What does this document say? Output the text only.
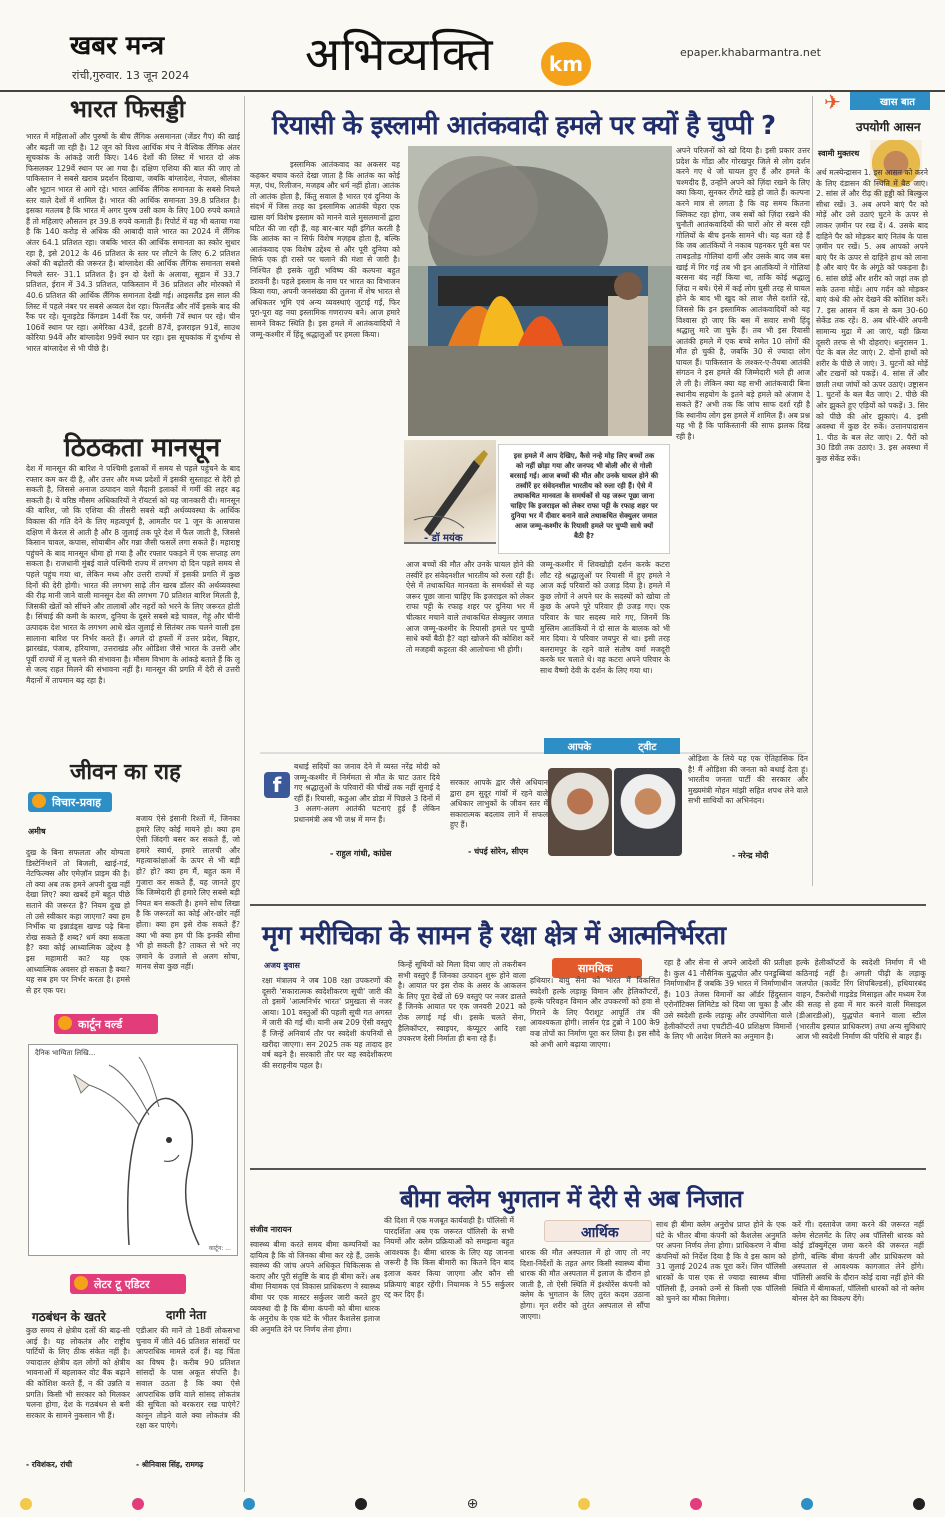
खबर मन्त्र
रांची,गुरुवार. 13 जून 2024	अभिव्यक्ति	km	epaper.khabarmantra.net
भारत फिसड्डी
भारत में महिलाओं और पुरुषों के बीच लैंगिक असमानता (जेंडर गैप) की खाई और बढ़ती जा रही है। 12 जून को विश्व आर्थिक मंच ने वैश्विक लैंगिक अंतर सूचकांक के आंकड़े जारी किए। 146 देशों की लिस्ट में भारत दो अंक फिसलकर 129वें स्थान पर आ गया है। दक्षिण एशिया की बात की जाए तो पाकिस्तान ने सबसे खराब प्रदर्शन दिखाया, जबकि बांग्लादेश, नेपाल, श्रीलंका और भूटान भारत से आगे रहे। भारत आर्थिक लैंगिक समानता के सबसे निचले स्तर वाले देशों में शामिल है। भारत की आर्थिक समानता 39.8 प्रतिशत है। इसका मतलब है कि भारत में अगर पुरुष उसी काम के लिए 100 रुपये कमाते हैं तो महिलाएं औसतन हर 39.8 रुपये कमाती हैं। रिपोर्ट में यह भी बताया गया है कि 140 करोड़ से अधिक की आबादी वाले भारत का 2024 में लैंगिक अंतर 64.1 प्रतिशत रहा। जबकि भारत की आर्थिक समानता का स्कोर सुधार रहा है, इसे 2012 के 46 प्रतिशत के स्तर पर लौटने के लिए 6.2 प्रतिशत अंकों की बढ़ोतरी की जरूरत है। बांग्लादेश की आर्थिक लैंगिक समानता सबसे निचले स्तर- 31.1 प्रतिशत है। इन दो देशों के अलावा, सूडान में 33.7 प्रतिशत, ईरान में 34.3 प्रतिशत, पाकिस्तान में 36 प्रतिशत और मोरक्को में 40.6 प्रतिशत की आर्थिक लैंगिक समानता देखी गई। आइसलैंड इस साल की लिस्ट में पहले नंबर पर सबसे अव्वल देश रहा। फिनलैंड और नॉर्वे इसके बाद की रैंक पर रहे। यूनाइटेड किंगडम 14वीं रैंक पर, जर्मनी 7वें स्थान पर रहे। चीन 106वें स्थान पर रहा। अमेरिका 43वें, इटली 87वें, इजराइल 91वें, साउथ कोरिया 94वें और बांग्लादेश 99वें स्थान पर रहा। इस सूचकांक में दुर्भाग्य से भारत बांग्लादेश से भी पीछे है।
ठिठकता मानसून
देश में मानसून की बारिश ने पश्चिमी इलाकों में समय से पहले पहुंचने के बाद रफ्तार कम कर दी है, और उत्तर और मध्य प्रदेशों में इसकी सुस्ताहट से देरी हो सकती है, जिससे अनाज उत्पादन वाले मैदानी इलाकों में गर्मी की लहर बढ़ सकती है। ये वरिष्ठ मौसम अधिकारियों ने रॉयटर्स को यह जानकारी दी। मानसून की बारिश, जो कि एशिया की तीसरी सबसे बड़ी अर्थव्यवस्था के आर्थिक विकास की गति देने के लिए महत्वपूर्ण है, आमतौर पर 1 जून के आसपास दक्षिण में केरल से आती है और 8 जुलाई तक पूरे देश में फैल जाती है, जिससे किसान चावल, कपास, सोयाबीन और गन्ना जैसी फसलें लगा सकते हैं। महाराष्ट्र पहुंचने के बाद मानसून धीमा हो गया है और रफ्तार पकड़ने में एक सप्ताह लग सकता है। राजधानी मुंबई वाले पश्चिमी राज्य में लगभग दो दिन पहले समय से पहले पहुंच गया था, लेकिन मध्य और उत्तरी राज्यों में इसकी प्रगति में कुछ दिनों की देरी होगी। भारत की लगभग साढ़े तीन खरब डॉलर की अर्थव्यवस्था की रीढ़ मानी जाने वाली मानसून देश की लगभग 70 प्रतिशत बारिश मिलती है, जिसकी खेतों को सींचने और तालाबों और नहरों को भरने के लिए जरूरत होती है। सिंचाई की कमी के कारण, दुनिया के दूसरे सबसे बड़े चावल, गेहूं और चीनी उत्पादक देश भारत के लगभग आधे खेत जुलाई से सितंबर तक चलने वाली इस सालाना बारिश पर निर्भर करते हैं। अगले दो हफ्तों में उत्तर प्रदेश, बिहार, झारखंड, पंजाब, हरियाणा, उत्तराखंड और ओडिशा जैसे भारत के उत्तरी और पूर्वी राज्यों में लू चलने की संभावना है। मौसम विभाग के आंकड़े बताते हैं कि लू से जल्द राहत मिलने की संभावना नहीं है। मानसून की प्रगति में देरी से उत्तरी मैदानों में तापमान बढ़ रहा है।
जीवन का राह
विचार-प्रवाह
अमीष
दुख के बिना सफलता और योग्यता डिस्टेनिंग्शनें तो बिजली, खाई-गर्ड, नेटफिल्क्स और एमेज़ॉन प्राइम की है। तो क्या अब तक हमने अपनी दुख नहीं देखा लिए? क्या खबदें हमें बहुत पीछे सताने की जरूरत है? नियम दुख हो तो उसे स्वीकार कहा जाएगा? क्या हम निर्भीक या इन्नाडंड्स खण्ड पढ़े बिना रोख सकते हैं शब्द? धर्म क्या सकता है? क्या कोई आध्यात्मिक उद्देश्य है इस महामारी का? यह एक आध्यात्मिक अवसर हो सकता है क्या? यह सब हम पर निर्भर करता है। हमसे से हर एक पर।
बजाय ऐसे इंसानी रिश्तों में, जिनका हमारे लिए कोई मायने हो। क्या हम ऐसी जिंदगी बसर कर सकते हैं, जो हमारे स्वार्थ, हमारे लालची और महत्वाकांक्षाओं के ऊपर से भी बड़ी हो? हो? क्या हम मैं, बहुत कम में गुजारा कर सकते हैं, यह जानते हुए कि जिम्मेदारी ही हमारे लिए सबसे बड़ी नियत बन सकती है। हमने सोच लिखा है कि जरूरतों का कोई ओर-छोर नहीं होता। क्या हम इसे रोक सकते हैं? क्या भी क्या हम पी कि इनकी सीमा भी हो सकती है? ताकत से भरे नए ज़माने के उजाले से अलग सोचा, मानव सेवा कुछ नहीं।
कार्टून वर्ल्ड
दैनिक भाग्यिता लिखि...
कार्टून: ...
लेटर टू एडिटर
गठबंधन के खतरे
कुछ समय से क्षेत्रीय दलों की बाढ़-सी आई है। यह लोकतंत्र और राष्ट्रीय पार्टियों के लिए ठीक संकेत नहीं है। ज्यादातर क्षेत्रीय दल लोगों को क्षेत्रीय भावनाओं में बहलाकर वोट बैंक बढ़ाने की कोशिश करते हैं, न की उन्नति व प्रगति। किसी भी सरकार को मिलकर चलना होगा, देश के गठबंधन से बनी सरकार के सामने नुकसान भी हैं।
दागी नेता
एडीआर की मानें तो 18वीं लोकसभा चुनाव में जीते 46 प्रतिशत सांसदों पर आपराधिक मामले दर्ज हैं। यह चिंता का विषय है। करीब 90 प्रतिशत सांसदों के पास अकूत संपत्ति है। सवाल उठता है कि क्या ऐसे आपराधिक छवि वाले सांसद लोकतंत्र की सुचिता को बरकरार रख पाएंगे? कानून तोड़ने वाले क्या लोकतंत्र की रक्षा कर पाएंगे।
- रविशंकर, रांची	- श्रीनिवास सिंह, रामगढ़
रियासी के इस्लामी आतंकवादी हमले पर क्यों है चुप्पी ?
इस्लामिक आतंकवाद का अकसर यह कहकर बचाव करते देखा जाता है कि आतंक का कोई मज़, पंथ, रिलीजन, मजहब और धर्म नहीं होता। आतंक तो आतंक होता है, किंतु सवाल है भारत एवं दुनिया के संदर्भ में जिस तरह का इस्लामिक आतंकी चेहरा एक खास वर्ग विशेष इस्लाम को मानने वाले मुसलमानों द्वारा घटित की जा रही हैं, वह बार-बार यही इंगित करती है कि आतंक का न सिर्फ विशेष मज़हब होता है, बल्कि आतंकवाद एक विशेष उद्देश्य से और पूरी दुनिया को सिर्फ एक ही रास्ते पर चलाने की मंशा से जारी है। निश्चित ही इसके जुड़ी भविष्य की कल्पना बहुत डरावनी है। पहले इस्लाम के नाम पर भारत का विभाजन किया गया, अपनी जनसंख्या की तुलना में शेष भारत से अधिकतर भूमि एवं अन्य व्यवस्थाएं जुटाई गईं, फिर पूरा-पूरा वह नया इस्लामिक गणराज्य बने। आज हमारे सामने विकट स्थिति है। इस हमले में आतंकवादियों ने जम्मू-कश्मीर में हिंदू श्रद्धालुओं पर हमला किया।
- डॉ मयंक
इस हमले में आप देखिए, कैसे नन्हे मोह लिए बच्चों तक को नहीं छोड़ा गया और जनपद भी बोली और से गोली बरसाई गई। आज बच्चों की मौत और उनके घायल होने की तस्वीरें हर संवेदनशील भारतीय को रुला रही हैं। ऐसे में तथाकथित मानवता के समर्थकों से यह जरूर पूछा जाना चाहिए कि इजराइल को लेकर राफा पट्टी के रफाह शहर पर दुनिया भर में दीवार बनाने वाले तथाकथित सेक्युलर जमात आज जम्मू-कश्मीर के रियासी हमले पर चुप्पी साधे क्यों बैठी है?
आज बच्चों की मौत और उनके घायल होने की तस्वीरें हर संवेदनशील भारतीय को रुला रही हैं। ऐसे में तथाकथित मानवता के समर्थकों से यह जरूर पूछा जाना चाहिए कि इजराइल को लेकर राफा पट्टी के रफाह शहर पर दुनिया भर में चीत्कार मचाने वाले तथाकथित सेक्युलर जमात आज जम्मू-कश्मीर के रियासी हमले पर चुप्पी साधे क्यों बैठी है? वहां खोजने की कोशिश करें तो मजहबी कट्टरता की आलोचना भी होगी।
जम्मू-कश्मीर में शिवखोड़ी दर्शन करके कटरा लौट रहे श्रद्धालुओं पर रियासी में हुए हमले ने आज कई परिवारों को उजाड़ दिया है। हमले में कुछ लोगों ने अपने घर के सदस्यों को खोया तो कुछ के अपने पूरे परिवार ही उजड़ गए। एक परिवार के चार सदस्य मारे गए, जिनमें कि मुस्लिम आतंकियों ने दो साल के बालक को भी मार दिया। ये परिवार जयपुर से था। इसी तरह बलरामपुर के रहने वाले संतोष वर्मा मजदूरी करके घर चलाते थे। वह कटरा अपने परिवार के साथ वैष्णो देवी के दर्शन के लिए गया था।
अपने परिजनों को खो दिया है। इसी प्रकार उत्तर प्रदेश के गोंडा और गोरखपुर जिले से लोग दर्शन करने गए थे जो घायल हुए हैं और हमले के चश्मदीद हैं, उन्होंने अपने को ज़िंदा रखने के लिए क्या किया, सुनकर रोंगटे खड़े हो जाते हैं। कल्पना करने मात्र से लगता है कि वह समय कितना क्लिकट रहा होगा, जब सबों को ज़िंदा रखने की चुनौती आतंकवादियों की चारों ओर से बरस रही गोलियों के बीच इनके सामने थी। यह बता रहे हैं कि जब आतंकियों ने नकाब पहनकर पूरी बस पर ताबड़तोड़ गोलियां दागीं और उसके बाद जब बस खाई में गिर गई तब भी इन आतंकियों ने गोलियां बरसना बंद नहीं किया था, ताकि कोई श्रद्धालु ज़िंदा न बचे। ऐसे में कई लोग घुसी तरह से घायल होने के बाद भी खुद को लाश जैसे दर्शाते रहे, जिससे कि इन इस्लामिक आतंकवादियों को यह विश्वास हो जाए कि बस में सवार सभी हिंदू श्रद्धालु मारे जा चुके हैं। तब भी इस रियासी आतंकी हमले में एक बच्चे समेत 10 लोगों की मौत हो चुकी है, जबकि 30 से ज्यादा लोग घायल हैं। पाकिस्तान के लश्कर-ए-तैयबा आतंकी संगठन ने इस हमले की जिम्मेदारी भले ही आज ले ली है। लेकिन क्या यह सभी आतंकवादी बिना स्थानीय सहयोग के इतने बड़े हमले को अंजाम दे सकते हैं? अभी तक कि जांच साफ दर्शा रही है कि स्थानीय लोग इस हमले में शामिल हैं। अब प्रश्न यह भी है कि पाकिस्तानी की साफ झलक दिख रही है।
f
बधाई सदियों का जनाव देने में व्यस्त नरेंद्र मोदी को जम्मू-कश्मीर में निर्ममता से मौत के घाट उतार दिये गए श्रद्धालुओं के परिवारों की चीखें तक नहीं सुनाई दे रहीं हैं। रियासी, कठुआ और डोडा में पिछले 3 दिनों में 3 अलग-अलग आतंकी घटनाएं हुई हैं लेकिन प्रधानमंत्री अब भी जश्न में मग्न हैं।
- राहुल गांधी, कांग्रेस
आपके	ट्वीट
सरकार आपके द्वार जैसे अधियान द्वारा हम सुदूर गांवों में रहने वाले अधिकार लाभुकों के जीवन स्तर में सकारात्मक बदलाव लाने में सफल हुए हैं।
- चंपई सोरेन, सीएम
ओड़िशा के लिये यह एक ऐतिहासिक दिन है! मैं ओड़िशा की जनता को बधाई देता हूं। भारतीय जनता पार्टी की सरकार और मुख्यमंत्री मोहन मांझी सहित शपथ लेने वाले सभी साथियों का अभिनंदन।
- नरेन्द्र मोदी
✈	खास बात
उपयोगी आसन
स्वामी मुक्तरथ
अर्थ मत्स्येन्द्रासन 1. इस आसन को करने के लिए दंडासन की स्थिति में बैठ जाएं। 2. सांस लें और रीढ़ की हड्डी को बिल्कुल सीधा रखें। 3. अब अपने बाएं पैर को मोड़ें और उसे उठाएं घुटने के ऊपर से लाकर ज़मीन पर रख दें। 4. उसके बाद दाहिने पैर को मोड़कर बाएं नितंब के पास ज़मीन पर रखें। 5. अब आपको अपने बाएं पैर के ऊपर से दाहिने हाथ को लाना है और बाएं पैर के अंगूठे को पकड़ना है। 6. सांस छोड़ें और शरीर को जहां तक हो सके उतना मोड़ें। आप गर्दन को मोड़कर बाएं कंधे की ओर देखने की कोशिश करें। 7. इस आसन में कम से कम 30-60 सेकेंड तक रहें। 8. अब धीरे-धीरे अपनी सामान्य मुद्रा में आ जाएं, यही क्रिया दूसरी तरफ से भी दोहराएं। धनुरासन 1. पेट के बल लेट जाएं। 2. दोनों हाथों को शरीर के पीछे ले जाएं। 3. घुटनों को मोड़ें और टखनों को पकड़ें। 4. सांस लें और छाती तथा जांघों को ऊपर उठाएं। उष्ट्रासन 1. घुटनों के बल बैठ जाएं। 2. पीछे की ओर झुकते हुए एड़ियों को पकड़ें। 3. सिर को पीछे की ओर झुकाएं। 4. इसी अवस्था में कुछ देर रुकें। उत्तानपादासन 1. पीठ के बल लेट जाएं। 2. पैरों को 30 डिग्री तक उठाएं। 3. इस अवस्था में कुछ सेकेंड रुकें।
मृग मरीचिका के सामन है रक्षा क्षेत्र में आत्मनिर्भरता
अजय बुवास
रक्षा मंत्रालय ने जब 108 रक्षा उपकरणों की दूसरी 'सकारात्मक स्वदेशीकरण सूची' जारी की तो इसमें 'आत्मनिर्भर भारत' प्रमुखता से नजर आया। 101 वस्तुओं की पहली सूची गत अगस्त में जारी की गई थी। यानी अब 209 ऐसी वस्तुएं हैं जिन्हें अनिवार्य तौर पर स्वदेशी कंपनियों से खरीदा जाएगा। सन 2025 तक यह तादाद हर वर्ष बढ़ने है। सरकारी तौर पर यह स्वदेशीकरण की सराहनीय पहल है।
किन्हें सूचियों को मिला दिया जाए तो तकरीबन सभी वस्तुएं हैं जिनका उत्पादन शुरू होने वाला है। आयात पर इस रोक के असर के आकलन के लिए पूरा देखें तो 69 वस्तुएं पर नजर डालते हैं जिनके आयात पर एक जनवरी 2021 को रोक लगाई गई थी। इसके चलते सेना, हैलिकॉप्टर, स्वाइपर, कंप्यूटर आदि रक्षा उपकरण देसी निर्माता ही बना रहे हैं।
सामयिक
हथियार। बायु सेना को भारत में विकसित स्वदेशी हल्के लड़ाकू विमान और हेलिकॉप्टरों, हल्के परिवहन विमान और उपकरणों को हवा से गिराने के लिए पैराशूट आपूर्ति तंत्र की आवश्यकता होगी। लार्सन एंड टुब्रो ने 100 के9 वज्र तोपों का निर्माण पूरा कर लिया है। इस सौदे को अभी आगे बढ़ाया जाएगा।
रहा है और सेना से अपने आदेशों की प्रतीक्षा है। कुल 41 नौसैनिक युद्धपोत और पनडुब्बियां निर्माणाधीन हैं जबकि 39 भारत में निर्माणाधीन हैं। 103 तेजस विमानों का ऑर्डर हिंदुस्तान एरोनॉटिक्स लिमिटेड को दिया जा चुका है और उसे स्वदेशी हल्के लड़ाकू और उपयोगिता वाले हेलीकॉप्टरों तथा एचटीटी-40 प्रशिक्षण विमानों के लिए भी आदेश मिलने का अनुमान है।
हल्के हेलीकॉप्टरों के स्वदेशी निर्माण में भी कठिनाई नहीं है। अगली पीढ़ी के लड़ाकू जलपोत (कार्वेट रिंग शिपबिल्डर्स), हथियारबंद वाहन, टैंकरोधी गाइडेड मिसाइल और मध्यम रेंज की सतह से हवा में मार करने वाली मिसाइल (डीआरडीओ), युद्धपोत बनाने वाला स्टील (भारतीय इस्पात प्राधिकरण) तथा अन्य सुविधाएं आज भी स्वदेशी निर्माण की परिधि से बाहर हैं।
बीमा क्लेम भुगतान में देरी से अब निजात
संजीव नारायन
स्वास्थ्य बीमा करते समय बीमा कम्पनियों का दायित्व है कि वो जिनका बीमा कर रहे हैं, उसके स्वास्थ्य की जांच अपने अधिकृत चिकित्सक से कराए और पूरी संतुष्टि के बाद ही बीमा करें। अब बीमा नियामक एवं विकास प्राधिकरण ने स्वास्थ्य बीमा पर एक मास्टर सर्कुलर जारी करते हुए व्यवस्था दी है कि बीमा कंपनी को बीमा धारक के अनुरोध के एक घंटे के भीतर कैशलेस इलाज की अनुमति देने पर निर्णय लेना होगा।
की दिशा में एक मजबूत कार्यवाही है। पॉलिसी में पारदर्शिता अब एक जरूरत पॉलिसी के सभी नियमों और क्लेम प्रक्रियाओं को समझना बहुत आवश्यक है। बीमा धारक के लिए यह जानना जरूरी है कि किस बीमारी का कितने दिन बाद इलाज कवर किया जाएगा और कौन सी प्रक्रियाएं बाहर रहेंगी। नियामक ने 55 सर्कुलर रद्द कर दिए हैं।
आर्थिक
धारक की मौत अस्पताल में हो जाए तो नए दिशा-निर्देशों के तहत अगर किसी स्वास्थ्य बीमा धारक की मौत अस्पताल में इलाज के दौरान हो जाती है, तो ऐसी स्थिति में इंश्योरेंस कंपनी को क्लेम के भुगतान के लिए तुरंत कदम उठाना होगा। मृत शरीर को तुरंत अस्पताल से सौंपा जाएगा।
साथ ही बीमा क्लेम अनुरोध प्राप्त होने के एक घंटे के भीतर बीमा कंपनी को कैशलेस अनुमति पर अपना निर्णय लेना होगा। प्राधिकरण ने बीमा कंपनियों को निर्देश दिया है कि वे इस काम को 31 जुलाई 2024 तक पूरा करें। जिन पॉलिसी धारकों के पास एक से ज्यादा स्वास्थ्य बीमा पॉलिसी हैं, उनको उन्में से किसी एक पॉलिसी को चुनने का मौका मिलेगा।
करें गी। दस्तावेज जमा करने की जरूरत नहीं क्लेम सेटलमेंट के लिए अब पॉलिसी धारक को कोई डॉक्युमेंट्स जमा करने की जरूरत नहीं होगी, बल्कि बीमा कंपनी और प्राधिकरण को अस्पताल से आवश्यक कागजात लेने होंगे। पॉलिसी अवधि के दौरान कोई दावा नहीं होने की स्थिति में बीमाकर्ता, पॉलिसी धारकों को नो क्लेम बोनस देने का विकल्प देंगे।
⊕
